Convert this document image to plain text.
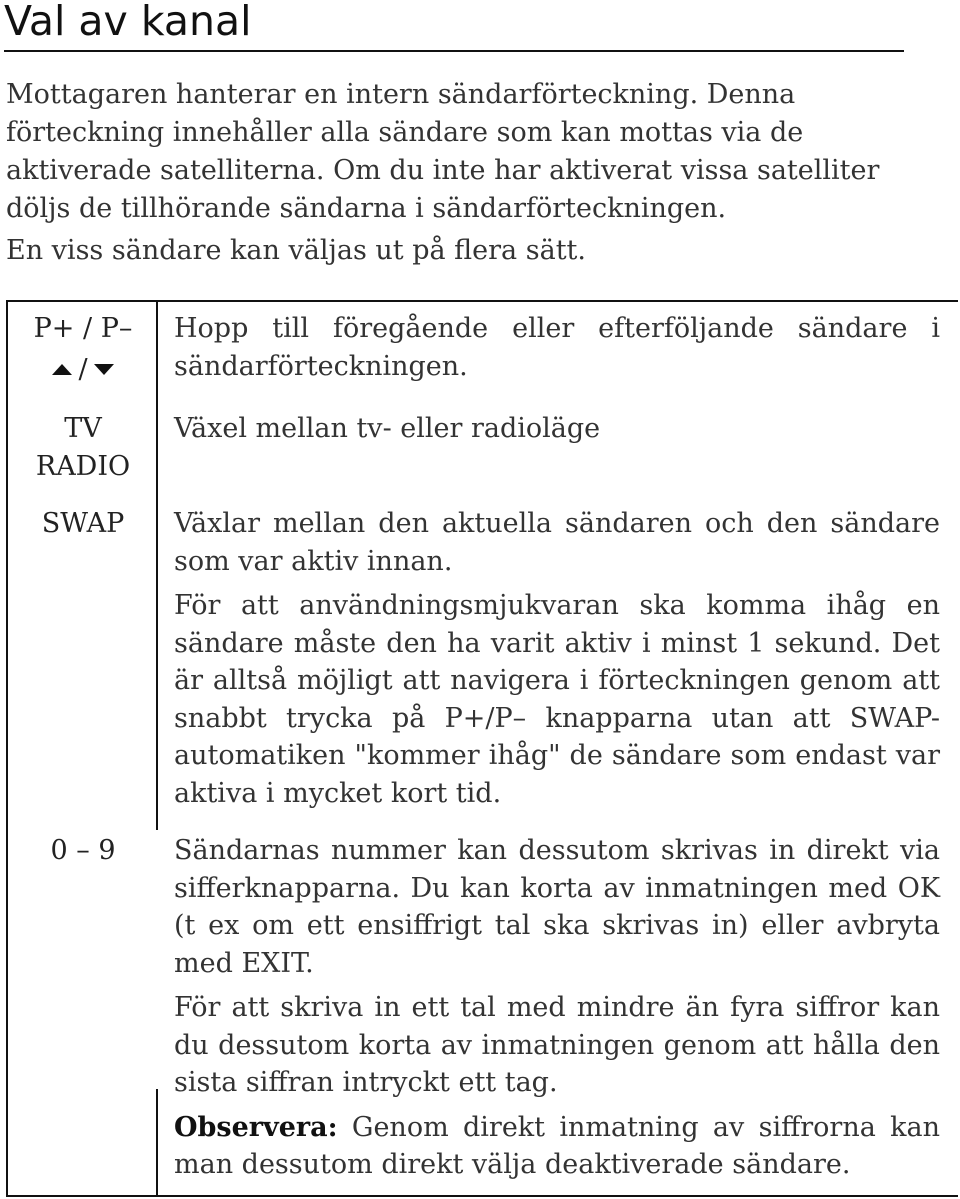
Val av kanal

Mottagaren hanterar en intern sändarförteckning. Denna förteckning innehåller alla sändare som kan mottas via de aktiverade satelliterna. Om du inte har aktiverat vissa satelliter döljs de tillhörande sändarna i sändarförteckningen.

En viss sändare kan väljas ut på flera sätt.

P+ / P–
/

Hopp till föregående eller efterföljande sändare i sändarförteckningen.

TV
RADIO

Växel mellan tv- eller radioläge

SWAP	Växlar mellan den aktuella sändaren och den sändare som var aktiv innan.

För att användningsmjukvaran ska komma ihåg en sändare måste den ha varit aktiv i minst 1 sekund. Det är alltså möjligt att navigera i förteckningen genom att snabbt trycka på P+/P– knapparna utan att SWAP-automatiken "kommer ihåg" de sändare som endast var aktiva i mycket kort tid.

0 – 9	Sändarnas nummer kan dessutom skrivas in direkt via sifferknapparna. Du kan korta av inmatningen med OK (t ex om ett ensiffrigt tal ska skrivas in) eller avbryta med EXIT.

För att skriva in ett tal med mindre än fyra siffror kan du dessutom korta av inmatningen genom att hålla den sista siffran intryckt ett tag.

Observera: Genom direkt inmatning av siffrorna kan man dessutom direkt välja deaktiverade sändare.
